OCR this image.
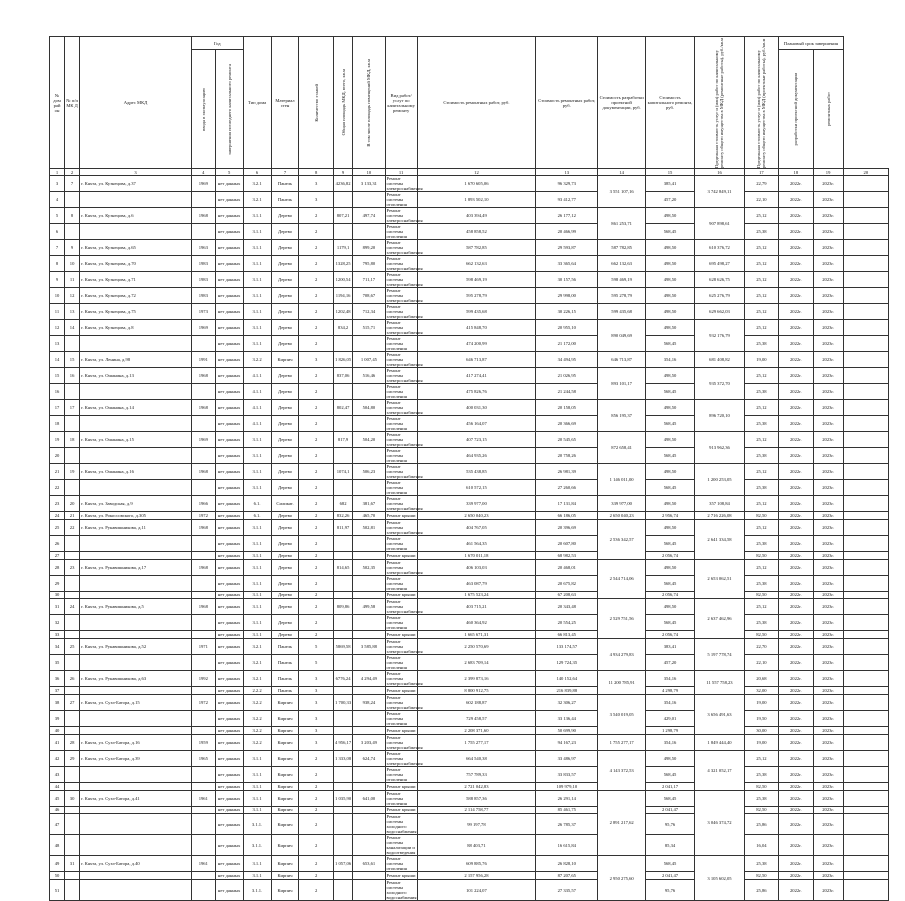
№ дом рай он	№ п/п МК Д	Адрес МКД	Год		Тип дома	Материал стен	Количество этажей	Общая площадь МКД, всего, кв.м	В том числе площадь помещений МКД, кв.м	Вид работ/услуг по капитальному ремонту	Стоимость ремонтных работ, руб.	Стоимость ремонтных работ, руб.	Стоимость разработки проектной документации, руб.	Стоимость капитального ремонта, руб.	Предельная стоимость услуг и (или) работ по капитальному ремонту общего имущества в МКД (ремонтные работы), руб./кв.м	Предельная стоимость услуг и (или) работ по капитальному ремонту общего имущества в МКД (проектные работы), руб./кв.м	Плановый срок завершения		

			ввода в эксплуатацию	завершения последнего капитального ремонта													разработки проектной документации	ремонтных работ	

1	2	3	4	5	6	7	8	9	10	11	12	13	14	15	16	17	18	19	20
3	7	г. Кяхта, ул. Кузнецова, д.37	1969	нет данных	3.2.1	Панель	3	4236,82	3 133,31	Ремонт системы электроснабжения	1 670 605,06	96 329,73	3 551 107,16	385,41	3 742 849,11	22,79	2022г.	2023г.	
4				нет данных	3.2.1	Панель	3			Ремонт системы отопления	1 893 502,10	93 412,77		457,20		22,10	2022г.	2023г.	
5	8	г. Кяхта, ул. Кузнецова, д.6	1968	нет данных	3.1.1	Дерево	2	807,21	497,74	Ремонт системы электроснабжения	403 394,49	26 177,12	861 253,71	498,50	907 898,61	25,12	2022г.	2023г.	
6				нет данных	3.1.1	Дерево	2			Ремонт системы отопления	458 858,52	20 466,99		568,45		25,38	2022г.	2023г.	
7	9	г. Кяхта, ул. Кузнецова, д.65	1963	нет данных	3.1.1	Дерево	2	1179,1	899,20	Ремонт системы электроснабжения	587 782,85	29 593,87	587 782,85	498,50	610 376,72	25,12	2022г.	2023г.	
8	10	г. Кяхта, ул. Кузнецова, д.70	1983	нет данных	3.1.1	Дерево	2	1328,25	795,80	Ремонт системы электроснабжения	662 132,63	33 365,64	662 132,63	498,50	695 498,27	25,12	2022г.	2023г.	
9	11	г. Кяхта, ул. Кузнецова, д.71	1983	нет данных	3.1.1	Дерево	2	1200,54	711,17	Ремонт системы электроснабжения	598 469,19	30 157,56	598 469,19	498,50	628 626,75	25,12	2022г.	2023г.	
10	12	г. Кяхта, ул. Кузнецова, д.72	1983	нет данных	3.1.1	Дерево	2	1194,16	708,67	Ремонт системы электроснабжения	595 278,79	29 998,00	595 278,79	498,50	625 276,79	25,12	2022г.	2023г.	
11	13	г. Кяхта, ул. Кузнецова, д.75	1973	нет данных	3.1.1	Дерево	2	1202,48	712,34	Ремонт системы электроснабжения	599 435,68	30 226,15	599 435,68	498,50	629 662,03	25,12	2022г.	2023г.	
12	14	г. Кяхта, ул. Кузнецова, д.8	1969	нет данных	3.1.1	Дерево	2	834,2	515,71	Ремонт системы электроснабжения	415 848,70	20 955,10	890 049,69	498,50	932 176,79	25,12	2022г.	2023г.	
13				нет данных	3.1.1	Дерево	2			Ремонт системы отопления	474 200,99	21 172,00		568,45		25,38	2022г.	2023г.	
14	15	г. Кяхта, ул. Ленина, д.98	1991	нет данных	3.2.2	Кирпич	3	1 826,05	1 007,45	Ремонт системы электроснабжения	646 713,87	34 494,95	646 713,87	354,16	681 408,82	19,00	2022г.	2023г.	
15	16	г. Кяхта, ул. Ошанина, д.13	1968	нет данных	4.1.1	Дерево	2	837,06	516,46	Ремонт системы электроснабжения	417 274,41	21 026,95	893 101,17	498,50	935 372,70	25,12	2022г.	2023г.	
16				нет данных	4.1.1	Дерево	2			Ремонт системы отопления	475 826,76	21 244,58		568,45		25,38	2022г.	2023г.	
17	17	г. Кяхта, ул. Ошанина, д.14	1968	нет данных	4.1.1	Дерево	2	802,47	504,80	Ремонт системы электроснабжения	400 031,30	20 158,05	856 195,37	498,50	896 720,10	25,12	2022г.	2023г.	
18				нет данных	4.1.1	Дерево	2			Ремонт системы отопления	456 164,07	20 366,69		568,45		25,38	2022г.	2023г.	
19	18	г. Кяхта, ул. Ошанина, д.15	1969	нет данных	3.1.1	Дерево	2	817,9	504,20	Ремонт системы электроснабжения	407 723,15	20 545,65	872 658,41	498,50	913 962,36	25,12	2022г.	2023г.	
20				нет данных	3.1.1	Дерево	2			Ремонт системы отопления	464 935,26	20 758,26		568,45		25,38	2022г.	2023г.	
21	19	г. Кяхта, ул. Ошанина, д.16	1968	нет данных	3.1.1	Дерево	2	1074,1	506,23	Ремонт системы электроснабжения	535 438,85	26 981,39	1 146 011,00	498,50	1 200 253,05	25,12	2022г.	2023г.	
22				нет данных	3.1.1	Дерево	2			Ремонт системы отопления	610 572,15	27 260,66		568,45		25,38	2022г.	2023г.	
23	20	г. Кяхта, ул. Заводская, д.9	1966	нет данных	6.1.	Силикат.	2	682	381,67	Ремонт системы электроснабжения	339 977,00	17 131,84	339 977,00	498,50	357 108,84	25,12	2022г.	2023г.	
24	21	г. Кяхта, ул. Рокоссовского, д.305	1972	нет данных	6.1.	Дерево	2	832,26	465,70	Ремонт крыши	2 650 040,23	66 186,05	2 650 040,23	2 956,74	2 716 226,08	82,50	2022г.	2023г.	
25	22	г. Кяхта, ул. Рукавишникова, д.11	1968	нет данных	3.1.1	Дерево	2	811,97	502,81	Ремонт системы электроснабжения	404 767,05	20 396,69	2 536 342,57	498,50	2 641 334,58	25,12	2022г.	2023г.	
26				нет данных	3.1.1	Дерево	2			Ремонт системы отопления	461 564,35	20 607,80		568,45		25,38	2022г.	2023г.	
27				нет данных	3.1.1	Дерево	2			Ремонт крыши	1 670 011,18	68 982,53		2 056,74		82,50	2022г.	2023г.	
28	23	г. Кяхта, ул. Рукавишникова, д.17	1968	нет данных	3.1.1	Дерево	2	814,65	502,35	Ремонт системы электроснабжения	406 103,03	20 468,01	2 544 714,06	498,50	2 653 062,51	25,12	2022г.	2023г.	
29				нет данных	3.1.1	Дерево	2			Ремонт системы отопления	463 087,79	20 675,82		568,45		25,38	2022г.	2023г.	
30				нет данных	3.1.1	Дерево	2			Ремонт крыши	1 675 523,24	67 208,63		2 056,74		82,50	2022г.	2023г.	
31	24	г. Кяхта, ул. Рукавишникова, д.5	1968	нет данных	3.1.1	Дерево	2	809,86	499,58	Ремонт системы электроснабжения	403 715,21	20 343,48	2 529 751,56	498,50	2 637 462,96	25,12	2022г.	2023г.	
32				нет данных	3.1.1	Дерево	2			Ремонт системы отопления	460 364,92	20 554,25		568,45		25,38	2022г.	2023г.	
33				нет данных	3.1.1	Дерево	2			Ремонт крыши	1 665 671,31	66 813,45		2 056,74		82,50	2022г.	2023г.	
34	25	г. Кяхта, ул. Рукавишникова, д.52	1971	нет данных	3.2.1	Панель	5	5869,58	3 585,88	Ремонт системы электроснабжения	2 250 570,69	133 174,57	4 934 279,83	383,41	5 197 778,74	22,70	2022г.	2023г.	
35				нет данных	3.2.1	Панель	5			Ремонт системы отопления	2 683 709,14	129 724,35		457,20		22,10	2022г.	2023г.	
36	26	г. Кяхта, ул. Рукавишникова, д.63	1992	нет данных	3.2.1	Панель	3	6776,24	4 294,49	Ремонт системы электроснабжения	2 399 873,16	140 152,64	11 200 785,91	354,16	11 557 758,23	20,68	2022г.	2023г.	
37				нет данных	2.2.2	Панель	3			Ремонт крыши	8 800 912,75	216 839,88		4 298,79		32,00	2022г.	2023г.	
38	27	г. Кяхта, ул. Сухэ-Батора, д.15	1972	нет данных	3.2.2	Кирпич	3	1 700,33	938,24	Ремонт системы электроснабжения	602 188,87	32 306,27	3 540 019,05	354,16	3 656 491,63	19,00	2022г.	2023г.	
39				нет данных	3.2.2	Кирпич	3			Ремонт системы отопления	729 458,57	33 136,44		429,01		19,50	2022г.	2023г.	
40				нет данных	3.2.2	Кирпич	3			Ремонт крыши	2 208 371,60	50 699,90		1 298,79		30,00	2022г.	2023г.	
41	28	г. Кяхта, ул. Сухэ-Батора, д.16	1959	нет данных	3.2.2	Кирпич	3	4 956,17	3 203,49	Ремонт системы электроснабжения	1 755 277,17	94 167,23	1 755 277,17	354,16	1 849 444,40	19,00	2022г.	2023г.	
42	29	г. Кяхта, ул. Сухэ-Батора, д.39	1965	нет данных	3.1.1	Кирпич	2	1 333,08	624,74	Ремонт системы электроснабжения	664 540,38	33 486,97	4 143 372,53	498,50	4 321 052,17	25,12	2022г.	2023г.	
43				нет данных	3.1.1	Кирпич	2			Ремонт системы отопления	757 789,33	33 833,57		568,45		25,38	2022г.	2023г.	
44				нет данных	3.1.1	Кирпич	2			Ремонт крыши	2 721 042,83	109 979,10		2 041,17		82,50	2022г.	2023г.	
45	30	г. Кяхта, ул. Сухэ-Батора, д.41	1961	нет данных	3.1.1	Кирпич	2	1 035,90	641,00	Ремонт системы отопления	588 857,36	26 291,14	2 891 217,62	568,45	3 046 374,72	25,38	2022г.	2023г.	
46				нет данных	3.1.1	Кирпич	2			Ремонт крыши	2 114 758,77	85 461,75		2 041,47		82,50	2022г.	2023г.	
47				нет данных	3.1.1.	Кирпич	2			Ремонт системы холодного водоснабжения	99 197,78	26 785,37		95,76		25,86	2022г.	2023г.	
48				нет данных	3.1.1.	Кирпич	2			Ремонт системы канализации и водоотведения	88 403,71	16 615,84		85,34		16,04	2022г.	2023г.	
49	31	г. Кяхта, ул. Сухэ-Батора, д.40	1961	нет данных	3.1.1	Кирпич	2	1 057,06	653,61	Ремонт системы отопления	609 885,76	26 828,10	2 950 275,60	568,45	3 105 602,05	25,38	2022г.	2023г.	
50				нет данных	3.1.1	Кирпич	2			Ремонт крыши	2 157 956,28	87 207,65		2 041,47		82,50	2022г.	2023г.	
51				нет данных	3.1.1.	Кирпич	2			Ремонт системы холодного водоснабжения	101 224,07	27 335,57		95,76		25,86	2022г.	2023г.	
